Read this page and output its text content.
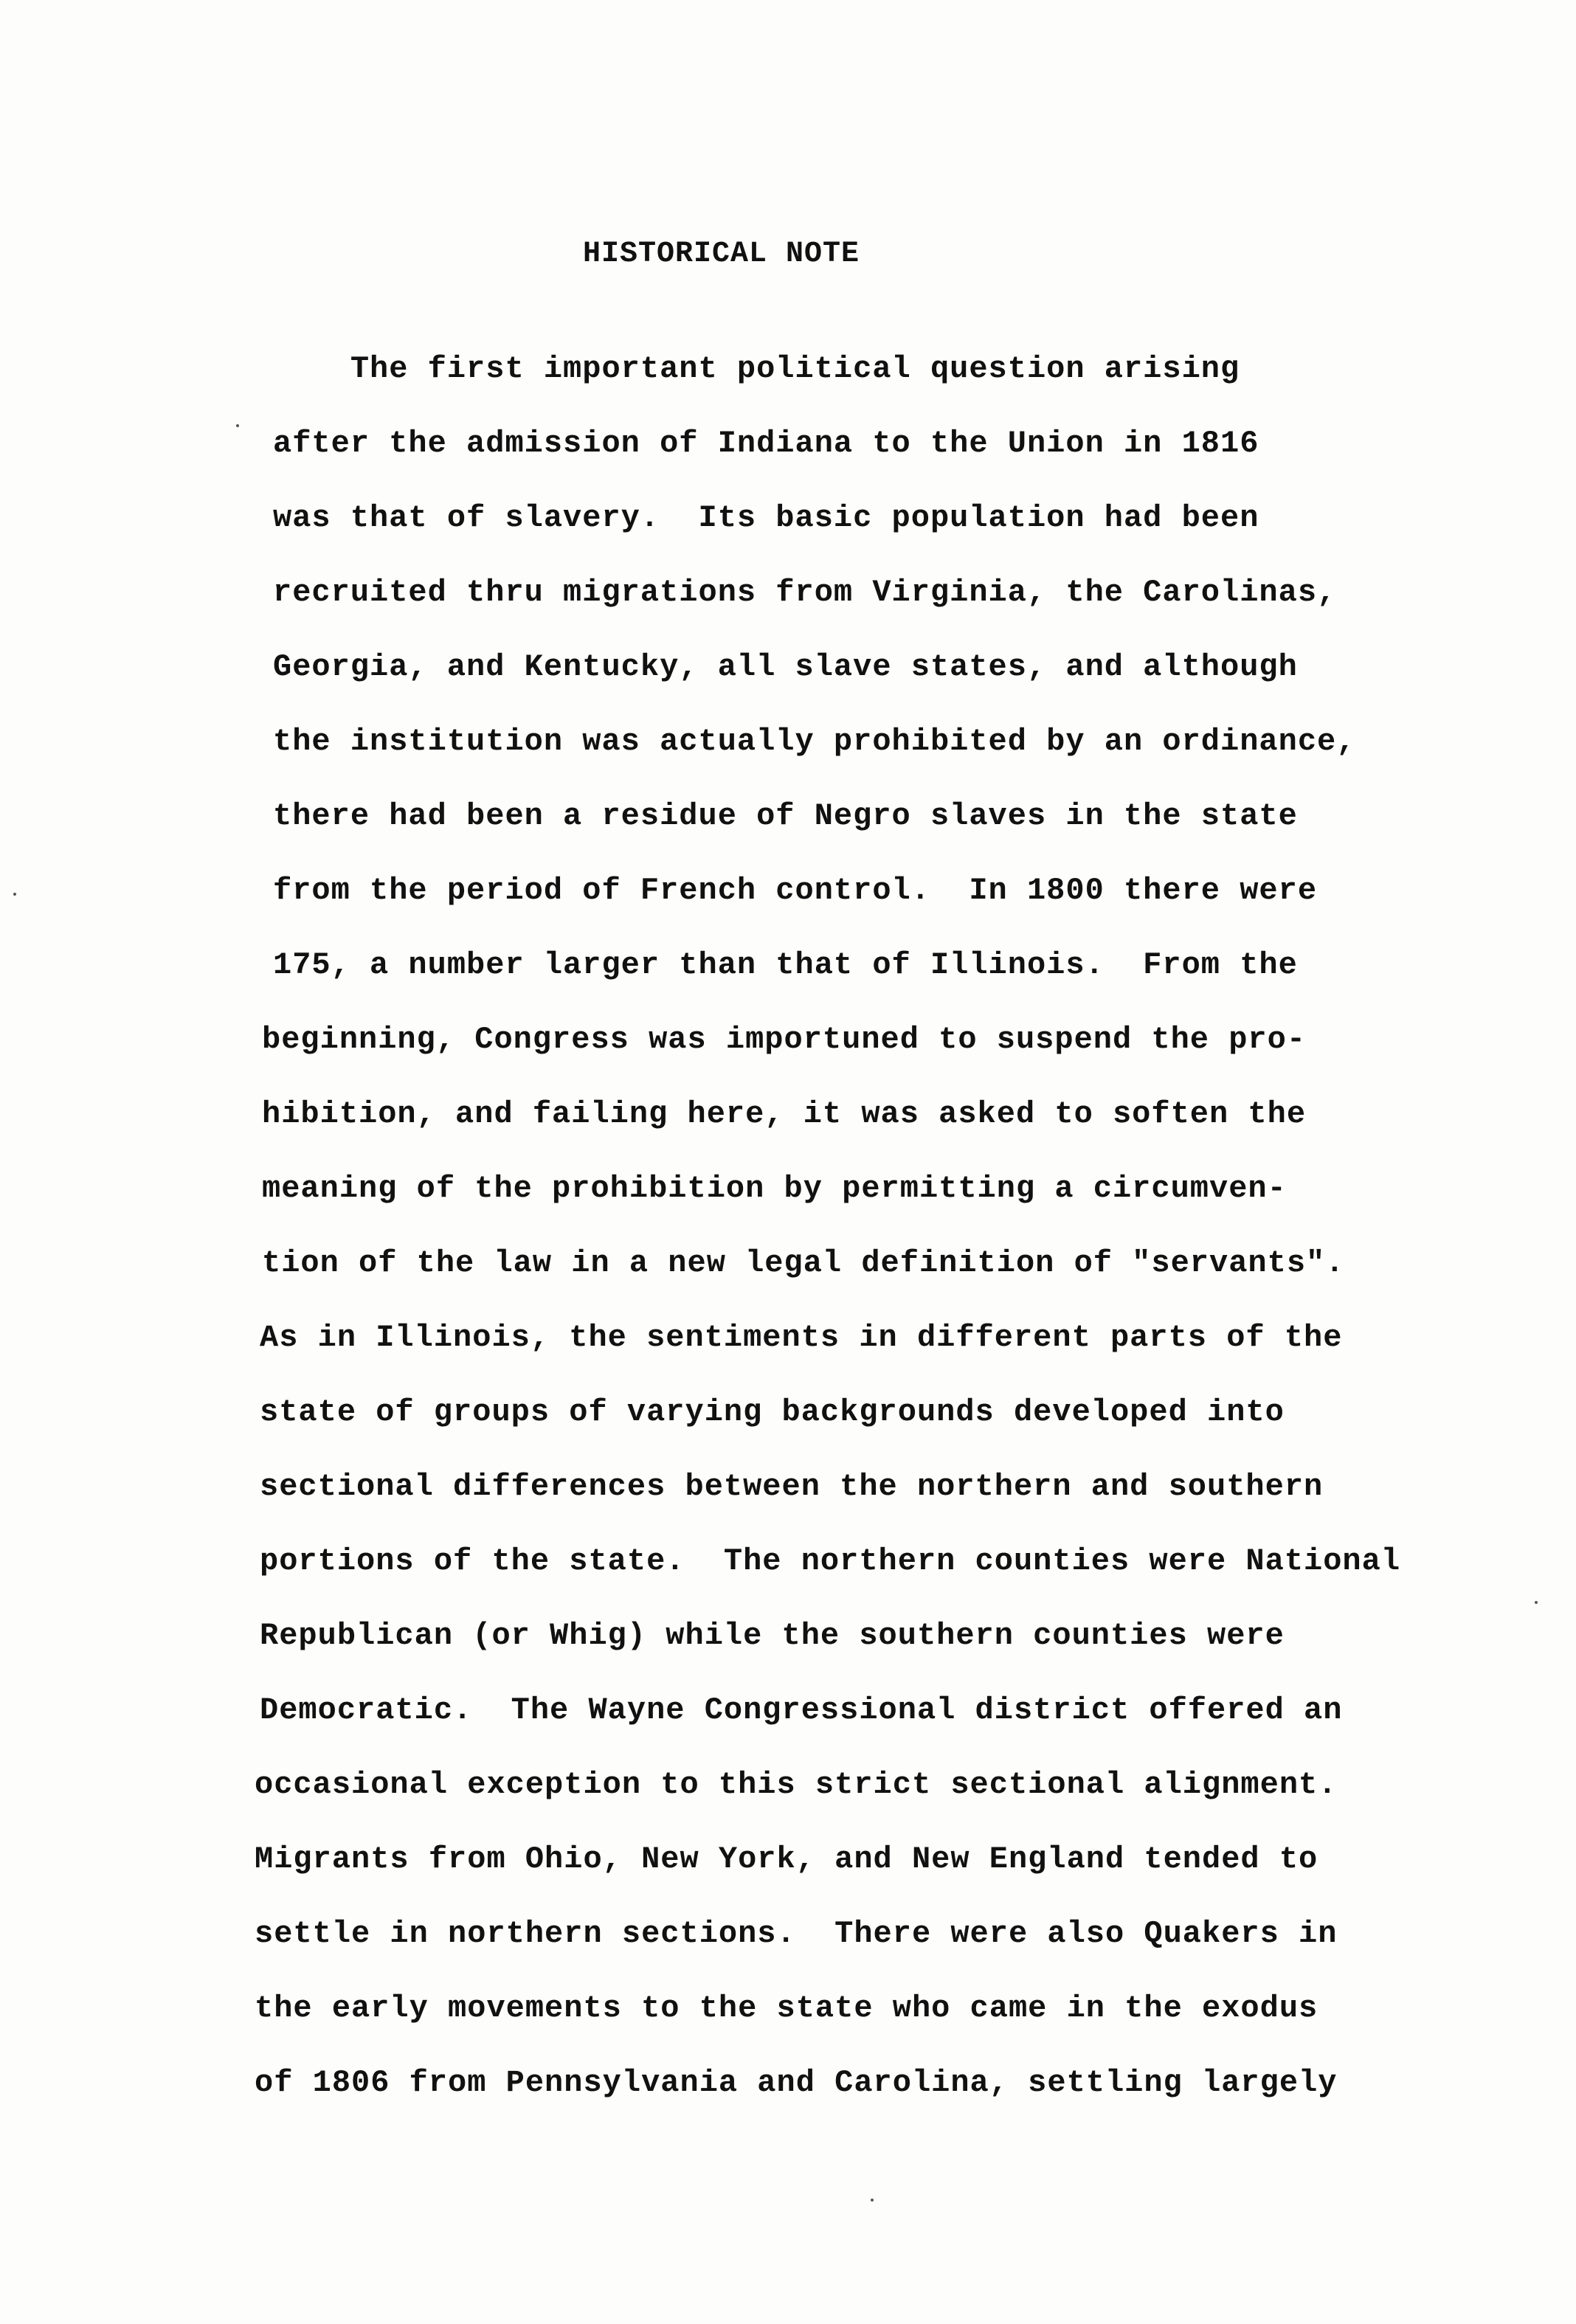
HISTORICAL NOTE
The first important political question arising
after the admission of Indiana to the Union in 1816
was that of slavery.  Its basic population had been
recruited thru migrations from Virginia, the Carolinas,
Georgia, and Kentucky, all slave states, and although
the institution was actually prohibited by an ordinance,
there had been a residue of Negro slaves in the state
from the period of French control.  In 1800 there were
175, a number larger than that of Illinois.  From the
beginning, Congress was importuned to suspend the pro-
hibition, and failing here, it was asked to soften the
meaning of the prohibition by permitting a circumven-
tion of the law in a new legal definition of "servants".
As in Illinois, the sentiments in different parts of the
state of groups of varying backgrounds developed into
sectional differences between the northern and southern
portions of the state.  The northern counties were National
Republican (or Whig) while the southern counties were
Democratic.  The Wayne Congressional district offered an
occasional exception to this strict sectional alignment.
Migrants from Ohio, New York, and New England tended to
settle in northern sections.  There were also Quakers in
the early movements to the state who came in the exodus
of 1806 from Pennsylvania and Carolina, settling largely
